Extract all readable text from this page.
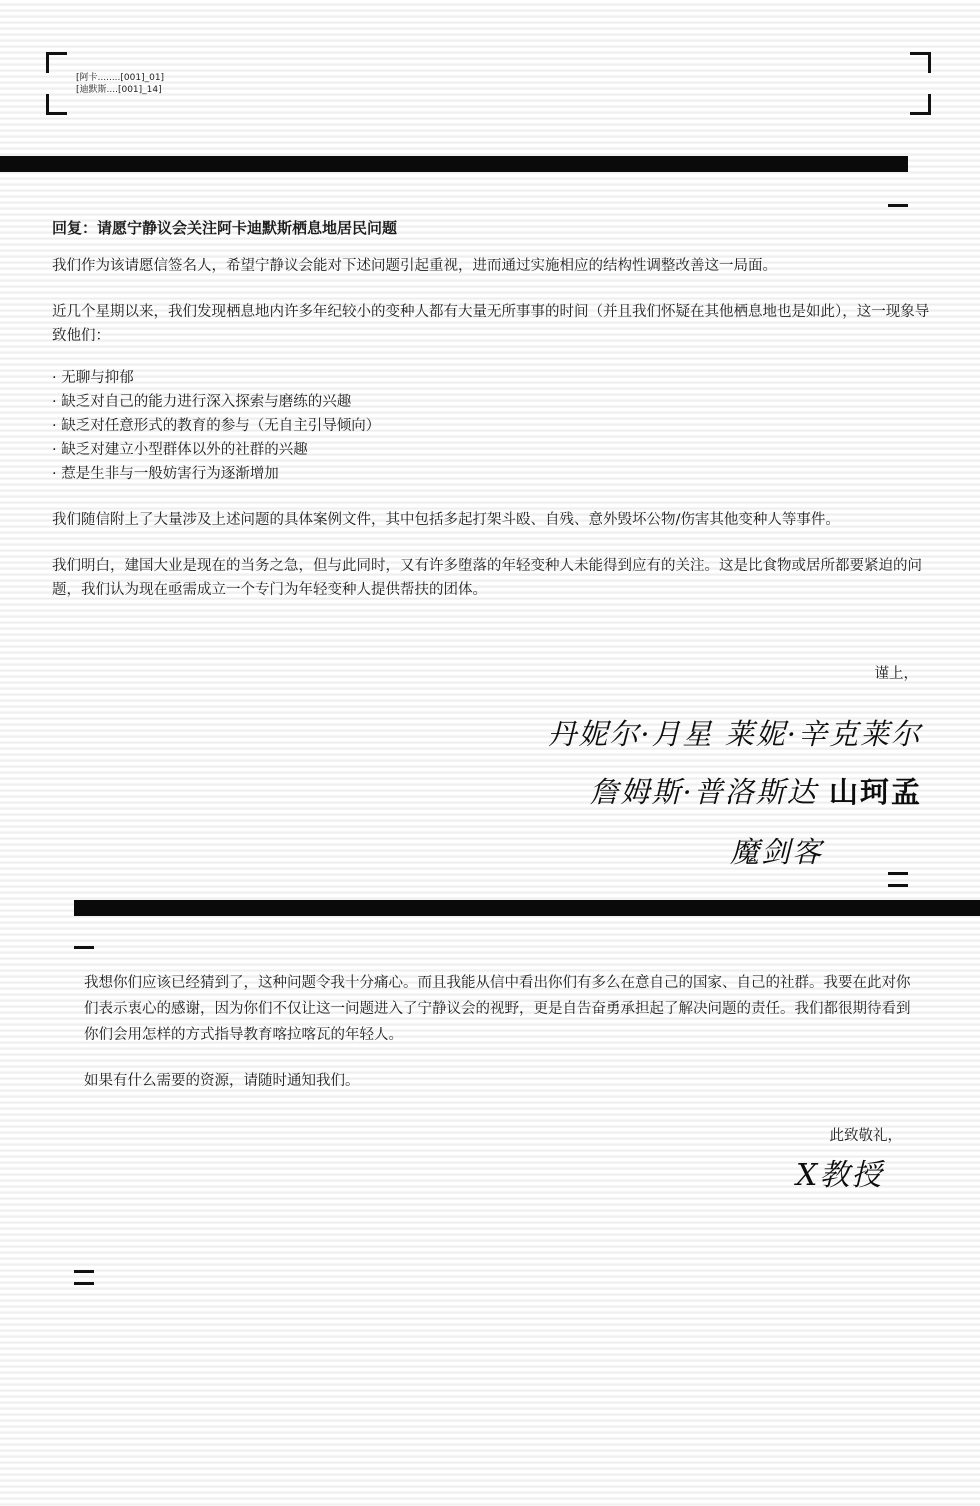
[阿卡........[001]_01]
[迪默斯....[001]_14]

回复：请愿宁静议会关注阿卡迪默斯栖息地居民问题

我们作为该请愿信签名人，希望宁静议会能对下述问题引起重视，进而通过实施相应的结构性调整改善这一局面。

近几个星期以来，我们发现栖息地内许多年纪较小的变种人都有大量无所事事的时间（并且我们怀疑在其他栖息地也是如此），这一现象导致他们：

· 无聊与抑郁
· 缺乏对自己的能力进行深入探索与磨练的兴趣
· 缺乏对任意形式的教育的参与（无自主引导倾向）
· 缺乏对建立小型群体以外的社群的兴趣
· 惹是生非与一般妨害行为逐渐增加

我们随信附上了大量涉及上述问题的具体案例文件，其中包括多起打架斗殴、自残、意外毁坏公物/伤害其他变种人等事件。

我们明白，建国大业是现在的当务之急，但与此同时，又有许多堕落的年轻变种人未能得到应有的关注。这是比食物或居所都要紧迫的问题，我们认为现在亟需成立一个专门为年轻变种人提供帮扶的团体。

谨上，
丹妮尔·月星 莱妮·辛克莱尔
詹姆斯·普洛斯达 山珂孟
魔剑客

我想你们应该已经猜到了，这种问题令我十分痛心。而且我能从信中看出你们有多么在意自己的国家、自己的社群。我要在此对你们表示衷心的感谢，因为你们不仅让这一问题进入了宁静议会的视野，更是自告奋勇承担起了解决问题的责任。我们都很期待看到你们会用怎样的方式指导教育喀拉喀瓦的年轻人。

如果有什么需要的资源，请随时通知我们。

此致敬礼，
X教授
